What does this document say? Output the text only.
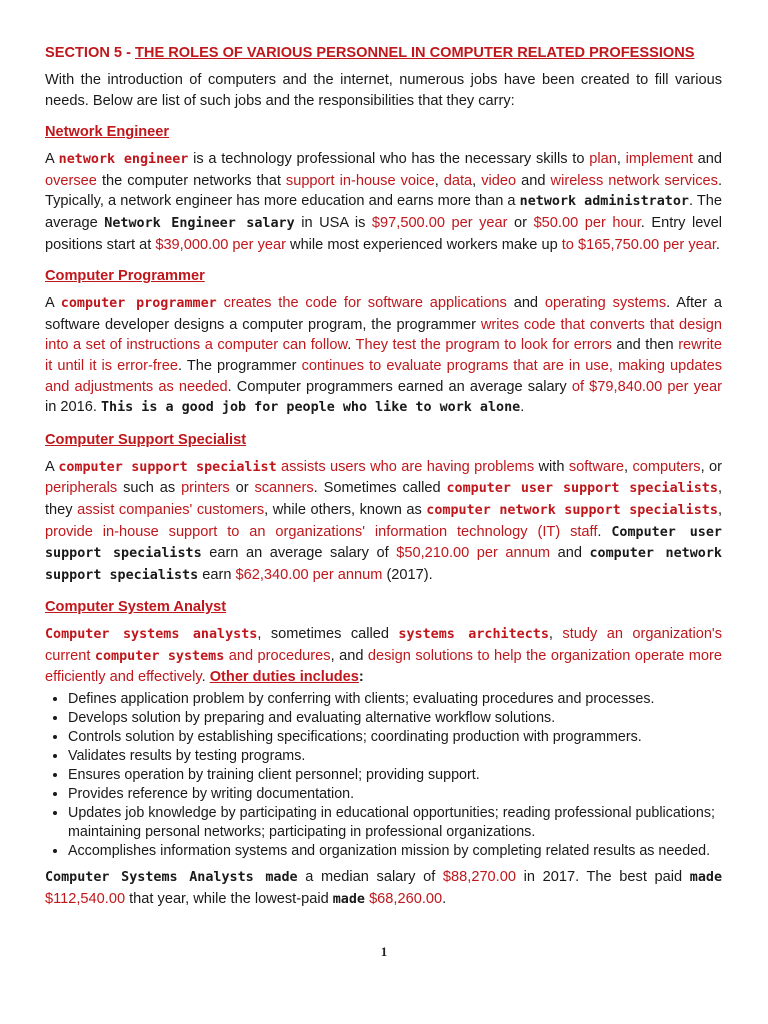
SECTION 5 - THE ROLES OF VARIOUS PERSONNEL IN COMPUTER RELATED PROFESSIONS

With the introduction of computers and the internet, numerous jobs have been created to fill various needs. Below are list of such jobs and the responsibilities that they carry:

Network Engineer

A network engineer is a technology professional who has the necessary skills to plan, implement and oversee the computer networks that support in-house voice, data, video and wireless network services. Typically, a network engineer has more education and earns more than a network administrator. The average Network Engineer salary in USA is $97,500.00 per year or $50.00 per hour. Entry level positions start at $39,000.00 per year while most experienced workers make up to $165,750.00 per year.

Computer Programmer

A computer programmer creates the code for software applications and operating systems. After a software developer designs a computer program, the programmer writes code that converts that design into a set of instructions a computer can follow. They test the program to look for errors and then rewrite it until it is error-free. The programmer continues to evaluate programs that are in use, making updates and adjustments as needed. Computer programmers earned an average salary of $79,840.00 per year in 2016. This is a good job for people who like to work alone.

Computer Support Specialist

A computer support specialist assists users who are having problems with software, computers, or peripherals such as printers or scanners. Sometimes called computer user support specialists, they assist companies' customers, while others, known as computer network support specialists, provide in-house support to an organizations' information technology (IT) staff. Computer user support specialists earn an average salary of $50,210.00 per annum and computer network support specialists earn $62,340.00 per annum (2017).

Computer System Analyst

Computer systems analysts, sometimes called systems architects, study an organization's current computer systems and procedures, and design solutions to help the organization operate more efficiently and effectively. Other duties includes:

• Defines application problem by conferring with clients; evaluating procedures and processes.
• Develops solution by preparing and evaluating alternative workflow solutions.
• Controls solution by establishing specifications; coordinating production with programmers.
• Validates results by testing programs.
• Ensures operation by training client personnel; providing support.
• Provides reference by writing documentation.
• Updates job knowledge by participating in educational opportunities; reading professional publications; maintaining personal networks; participating in professional organizations.
• Accomplishes information systems and organization mission by completing related results as needed.

Computer Systems Analysts made a median salary of $88,270.00 in 2017. The best paid made $112,540.00 that year, while the lowest-paid made $68,260.00.

1
